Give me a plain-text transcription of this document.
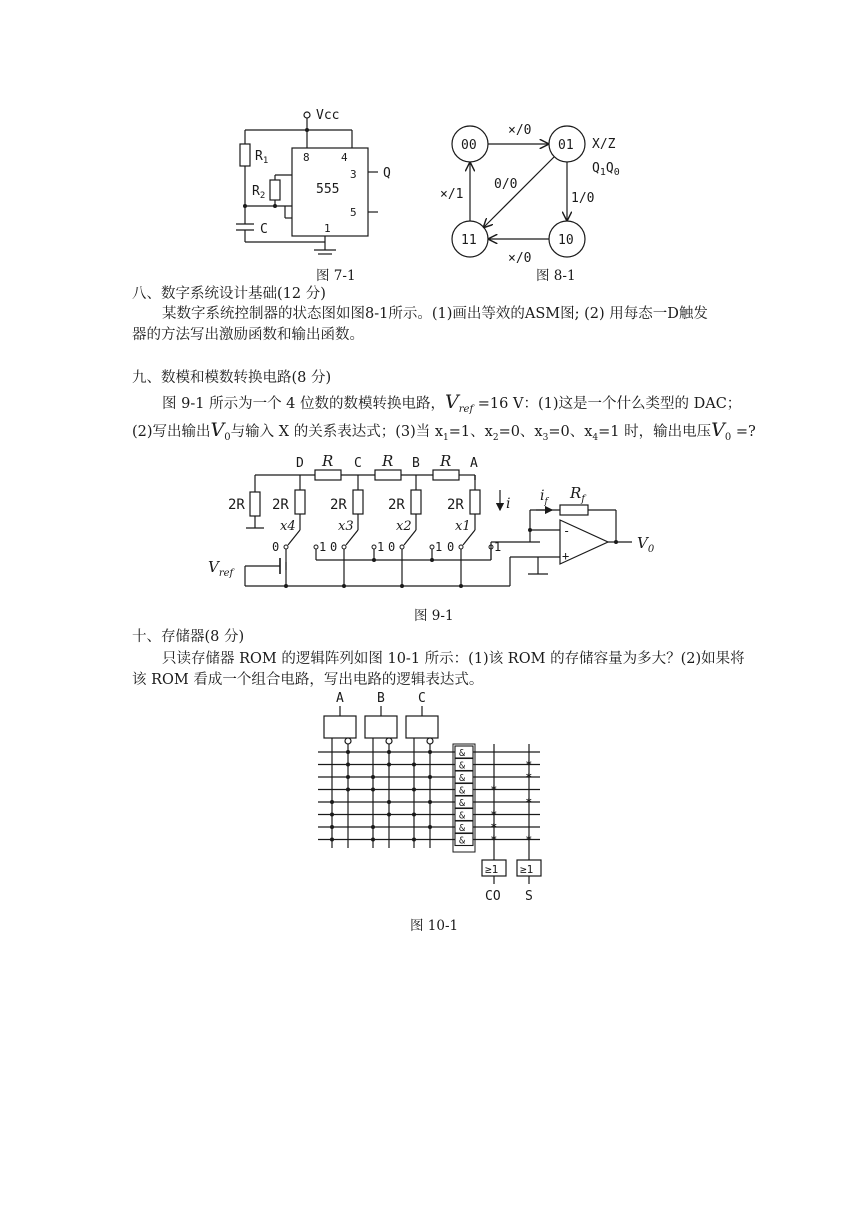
Vcc
$R_1$
$R_2$
C
555
8	4
3
5
1
Q
图 7-1
00	01
10
11
×/0
1/0
×/0
×/1
0/0
X/Z
$Q_1Q_0$
图 8-1
八、数字系统设计基础(12 分)
某数字系统控制器的状态图如图8-1所示。(1)画出等效的ASM图; (2) 用每态一D触发
器的方法写出激励函数和输出函数。
九、数模和模数转换电路(8 分)
图 9-1 所示为一个 4 位数的数模转换电路，$V_{ref} =16$ V：(1)这是一个什么类型的 DAC；
(2)写出输出$V_0$与输入 X 的关系表达式；(3)当 $x_1=1$、$x_2=0$、$x_3=0$、$x_4=1$ 时，输出电压$V_0$ =?
R	R	R
D	C	B	A
2R 2R
x4
0	1
2R
x3
0	1
2R
x2
0	1
2R
x1
0	1
$V_{ref}$
i
$R_f$
$i_f$
-
+
$V_0$
图 9-1
十、存储器(8 分)
只读存储器 ROM 的逻辑阵列如图 10-1 所示：(1)该 ROM 的存储容量为多大？(2)如果将
该 ROM 看成一个组合电路，写出电路的逻辑表达式。
A	B	C
&
&
&
&
&
&
&
&
*
*
*
*
*
*
*
*
≥1 ≥1
CO S
图 10-1
